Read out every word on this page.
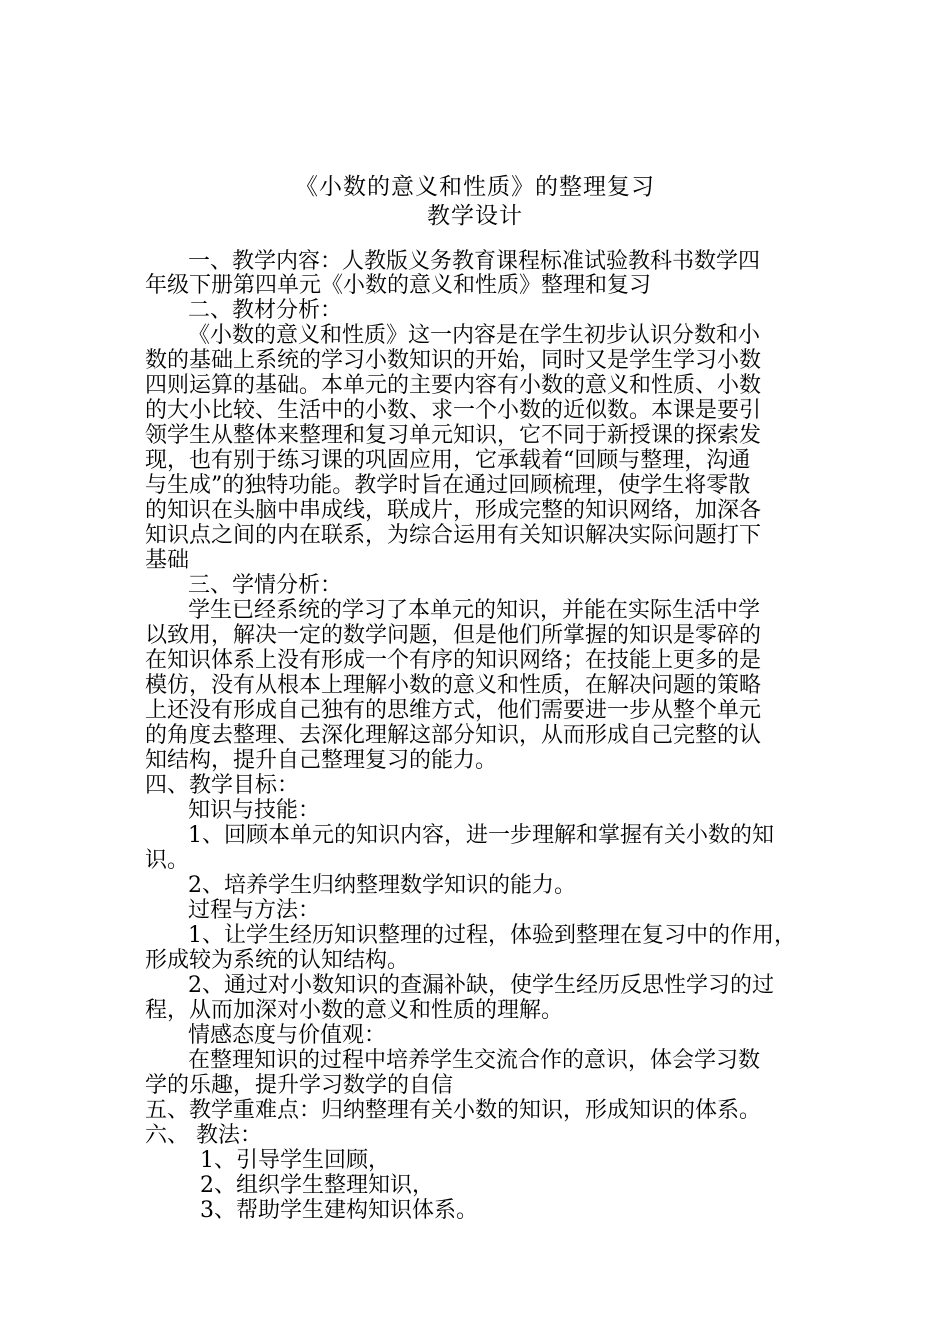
《小数的意义和性质》的整理复习
教学设计
一、教学内容：人教版义务教育课程标准试验教科书数学四
年级下册第四单元《小数的意义和性质》整理和复习
二、教材分析：
《小数的意义和性质》这一内容是在学生初步认识分数和小
数的基础上系统的学习小数知识的开始，同时又是学生学习小数
四则运算的基础。本单元的主要内容有小数的意义和性质、小数
的大小比较、生活中的小数、求一个小数的近似数。本课是要引
领学生从整体来整理和复习单元知识，它不同于新授课的探索发
现，也有别于练习课的巩固应用，它承载着“回顾与整理，沟通
与生成”的独特功能。教学时旨在通过回顾梳理，使学生将零散
的知识在头脑中串成线，联成片，形成完整的知识网络，加深各
知识点之间的内在联系，为综合运用有关知识解决实际问题打下
基础
三、学情分析：
学生已经系统的学习了本单元的知识，并能在实际生活中学
以致用，解决一定的数学问题，但是他们所掌握的知识是零碎的
在知识体系上没有形成一个有序的知识网络；在技能上更多的是
模仿，没有从根本上理解小数的意义和性质，在解决问题的策略
上还没有形成自己独有的思维方式，他们需要进一步从整个单元
的角度去整理、去深化理解这部分知识，从而形成自己完整的认
知结构，提升自己整理复习的能力。
四、教学目标：
知识与技能：
1、回顾本单元的知识内容，进一步理解和掌握有关小数的知
识。
2、培养学生归纳整理数学知识的能力。
过程与方法：
1、让学生经历知识整理的过程，体验到整理在复习中的作用，
形成较为系统的认知结构。
2、通过对小数知识的查漏补缺，使学生经历反思性学习的过
程，从而加深对小数的意义和性质的理解。
情感态度与价值观：
在整理知识的过程中培养学生交流合作的意识，体会学习数
学的乐趣，提升学习数学的自信
五、教学重难点：归纳整理有关小数的知识，形成知识的体系。
六、 教法：
1、引导学生回顾，
2、组织学生整理知识，
3、帮助学生建构知识体系。
